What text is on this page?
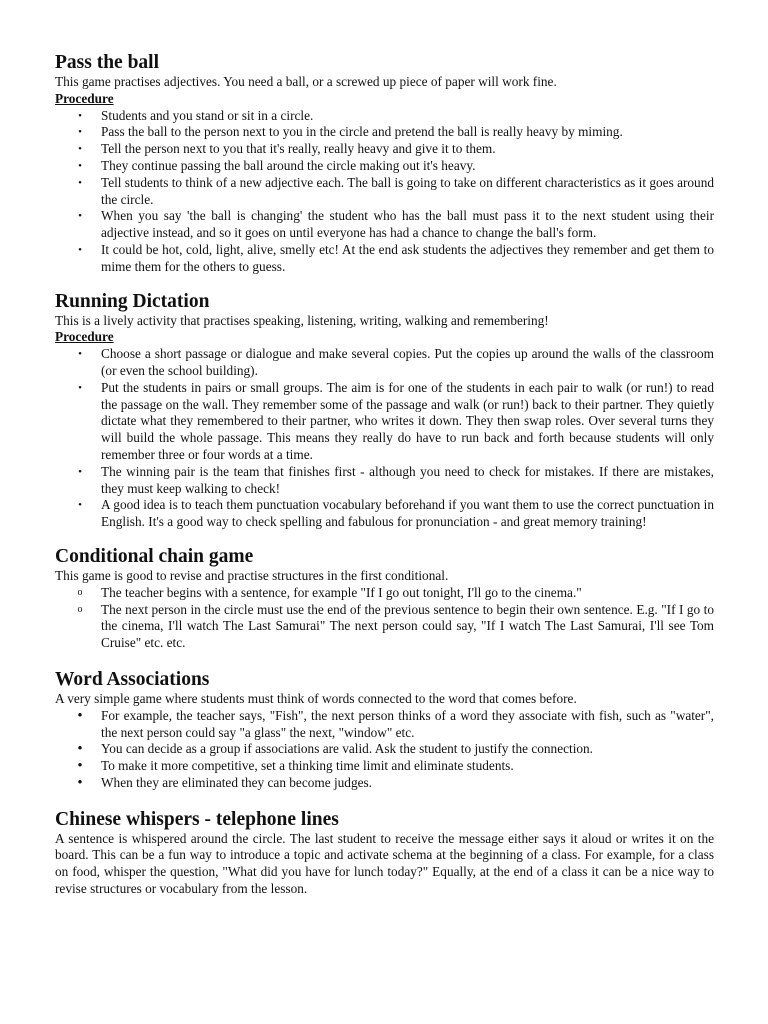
Pass the ball

This game practises adjectives. You need a ball, or a screwed up piece of paper will work fine.

Procedure
•	Students and you stand or sit in a circle.
•	Pass the ball to the person next to you in the circle and pretend the ball is really heavy by miming.
•	Tell the person next to you that it's really, really heavy and give it to them.
•	They continue passing the ball around the circle making out it's heavy.
•	Tell students to think of a new adjective each. The ball is going to take on different characteristics as it goes around the circle.
•	When you say 'the ball is changing' the student who has the ball must pass it to the next student using their adjective instead, and so it goes on until everyone has had a chance to change the ball's form.
•	It could be hot, cold, light, alive, smelly etc! At the end ask students the adjectives they remember and get them to mime them for the others to guess.
Running Dictation

This is a lively activity that practises speaking, listening, writing, walking and remembering!

Procedure
•	Choose a short passage or dialogue and make several copies. Put the copies up around the walls of the classroom (or even the school building).
•	Put the students in pairs or small groups. The aim is for one of the students in each pair to walk (or run!) to read the passage on the wall. They remember some of the passage and walk (or run!) back to their partner. They quietly dictate what they remembered to their partner, who writes it down. They then swap roles. Over several turns they will build the whole passage. This means they really do have to run back and forth because students will only remember three or four words at a time.
•	The winning pair is the team that finishes first - although you need to check for mistakes. If there are mistakes, they must keep walking to check!
•	A good idea is to teach them punctuation vocabulary beforehand if you want them to use the correct punctuation in English. It's a good way to check spelling and fabulous for pronunciation - and great memory training!
Conditional chain game

This game is good to revise and practise structures in the first conditional.

o The teacher begins with a sentence, for example "If I go out tonight, I'll go to the cinema."
o The next person in the circle must use the end of the previous sentence to begin their own sentence. E.g. "If I go to the cinema, I'll watch The Last Samurai" The next person could say, "If I watch The Last Samurai, I'll see Tom Cruise" etc. etc.
Word Associations

A very simple game where students must think of words connected to the word that comes before.

• For example, the teacher says, "Fish", the next person thinks of a word they associate with fish, such as "water", the next person could say "a glass" the next, "window" etc.
• You can decide as a group if associations are valid. Ask the student to justify the connection.
• To make it more competitive, set a thinking time limit and eliminate students.
• When they are eliminated they can become judges.
Chinese whispers - telephone lines

A sentence is whispered around the circle. The last student to receive the message either says it aloud or writes it on the board. This can be a fun way to introduce a topic and activate schema at the beginning of a class. For example, for a class on food, whisper the question, "What did you have for lunch today?" Equally, at the end of a class it can be a nice way to revise structures or vocabulary from the lesson.
